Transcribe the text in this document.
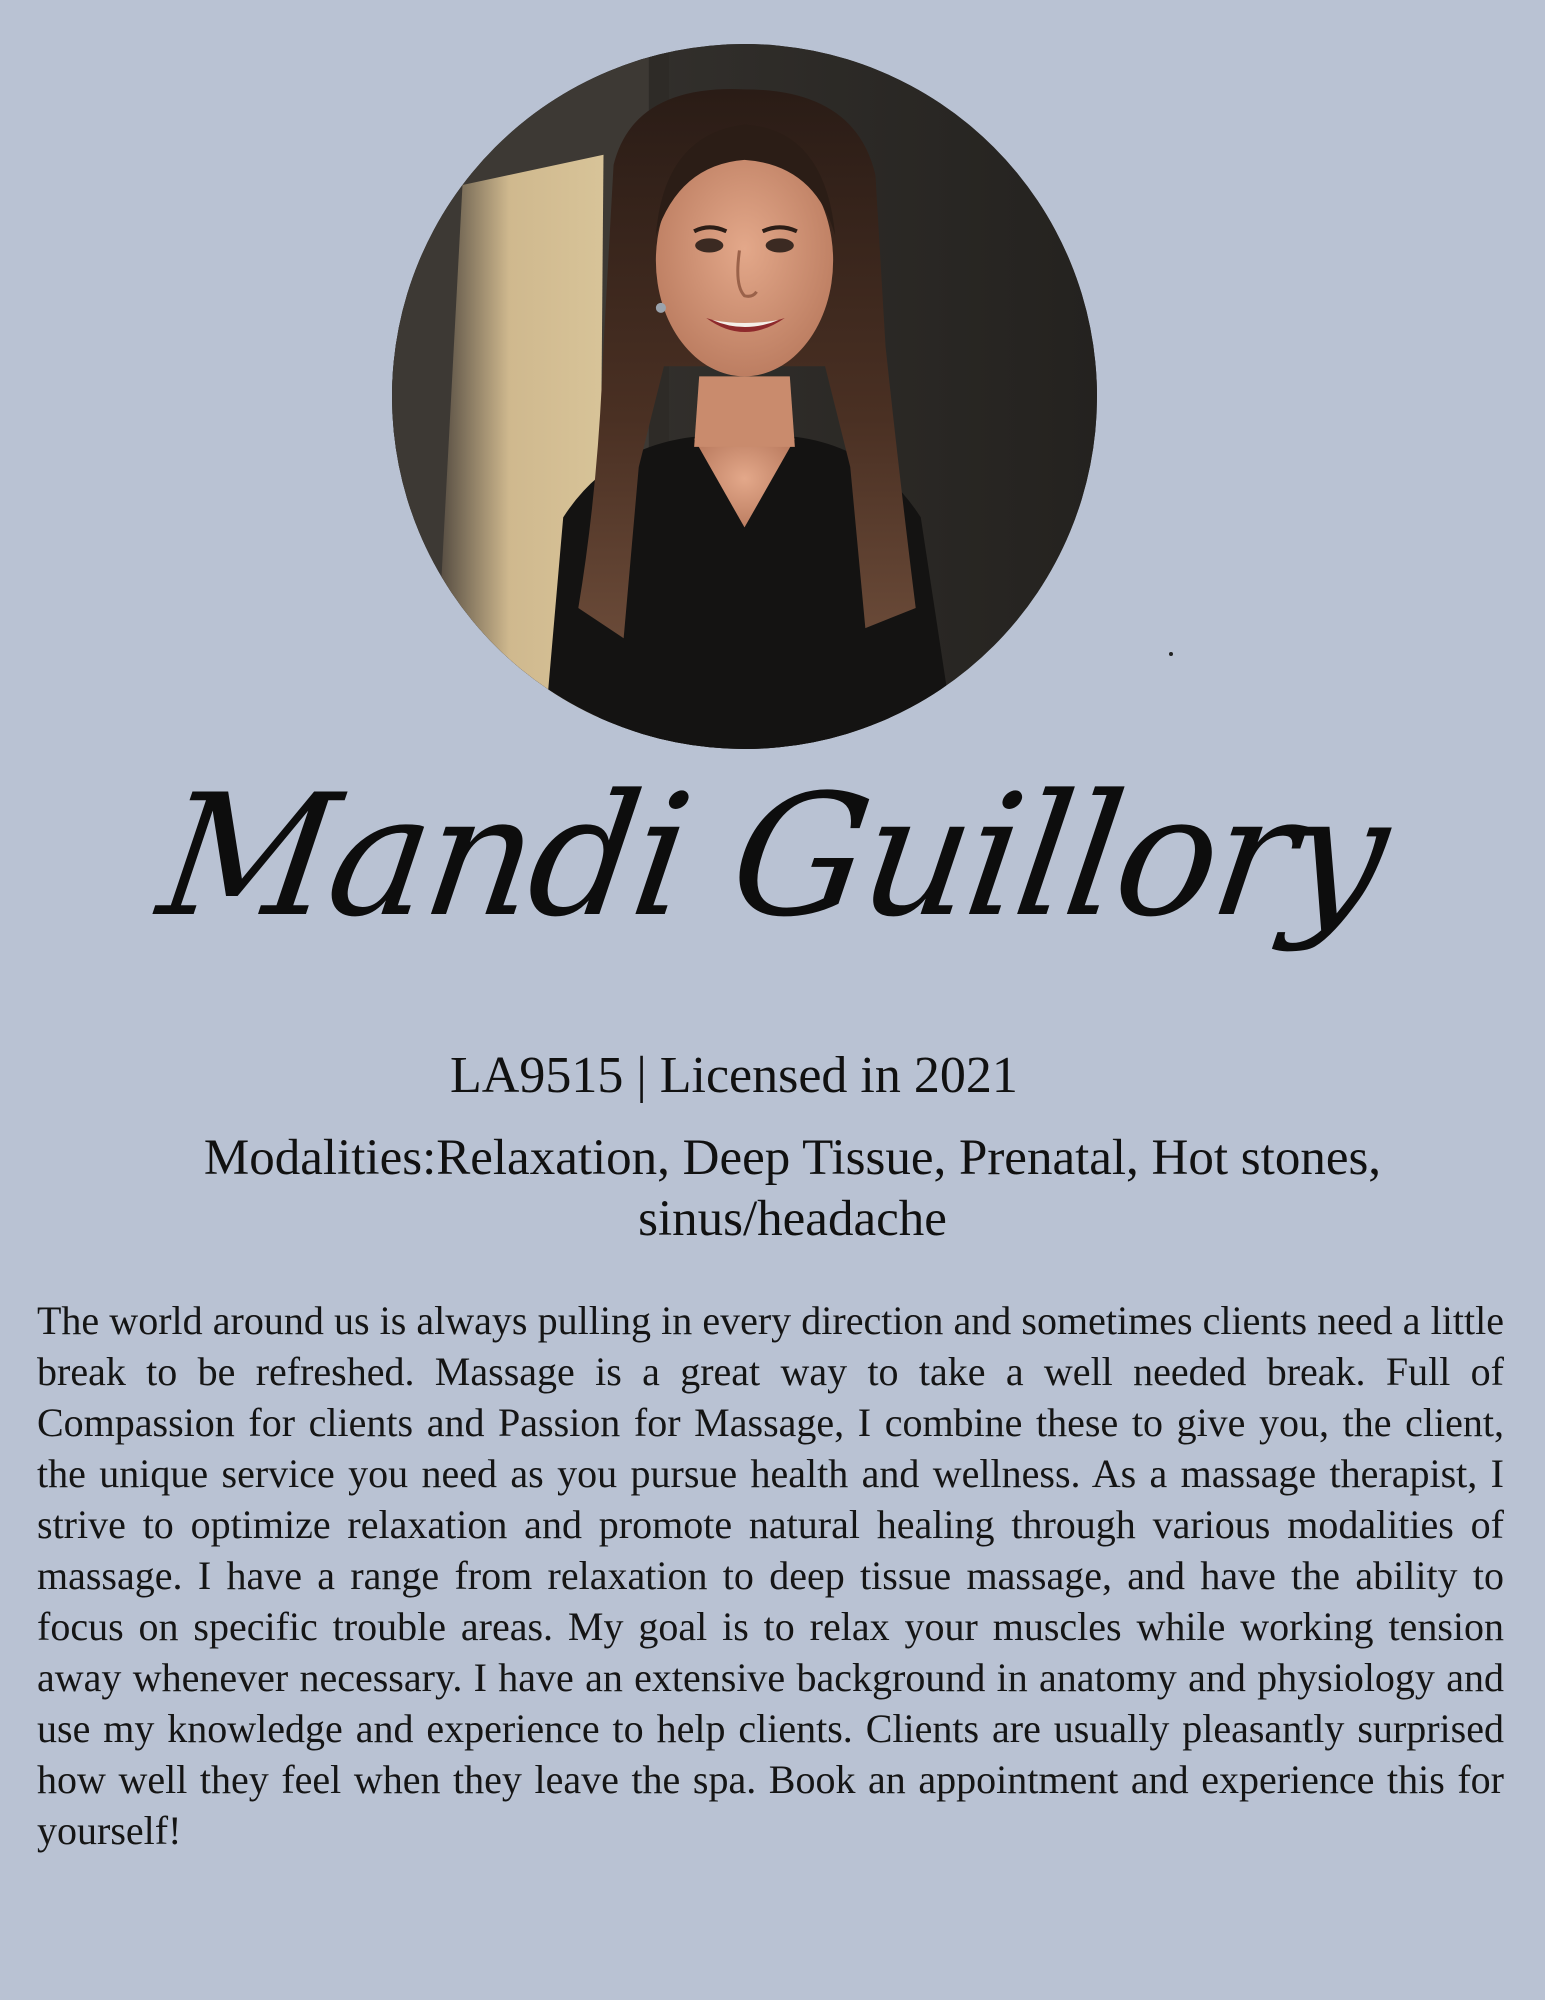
Mandi Guillory
LA9515 | Licensed in 2021
Modalities:Relaxation, Deep Tissue, Prenatal, Hot stones, sinus/headache
The world around us is always pulling in every direction and sometimes clients need a little break to be refreshed. Massage is a great way to take a well needed break. Full of Compassion for clients and Passion for Massage, I combine these to give you, the client, the unique service you need as you pursue health and wellness. As a massage therapist, I strive to optimize relaxation and promote natural healing through various modalities of massage. I have a range from relaxation to deep tissue massage, and have the ability to focus on specific trouble areas. My goal is to relax your muscles while working tension away whenever necessary. I have an extensive background in anatomy and physiology and use my knowledge and experience to help clients. Clients are usually pleasantly surprised how well they feel when they leave the spa. Book an appointment and experience this for yourself!
